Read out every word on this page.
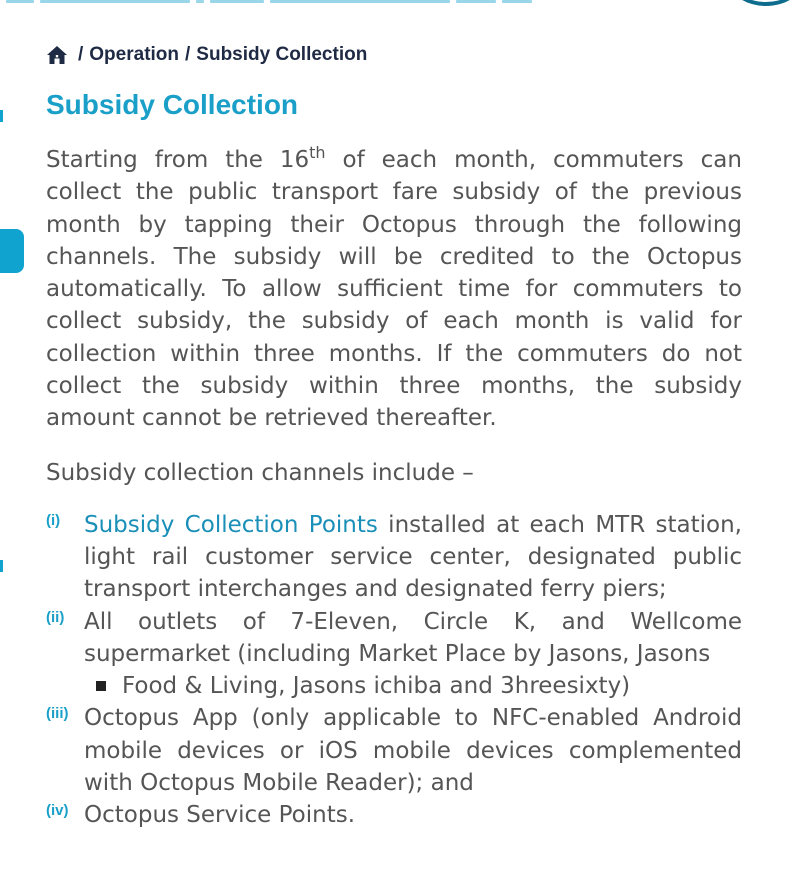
/ Operation / Subsidy Collection
Subsidy Collection

Starting from the 16th of each month, commuters can collect the public transport fare subsidy of the previous month by tapping their Octopus through the following channels. The subsidy will be credited to the Octopus automatically. To allow sufficient time for commuters to collect subsidy, the subsidy of each month is valid for collection within three months. If the commuters do not collect the subsidy within three months, the subsidy amount cannot be retrieved thereafter.

Subsidy collection channels include –

(i)	Subsidy Collection Points installed at each MTR station, light rail customer service center, designated public transport interchanges and designated ferry piers;
(ii) All outlets of 7-Eleven, Circle K, and Wellcome supermarket (including Market Place by Jasons, Jasons
Food & Living, Jasons ichiba and 3hreesixty)
(iii) Octopus App (only applicable to NFC-enabled Android mobile devices or iOS mobile devices complemented with Octopus Mobile Reader); and
(iv) Octopus Service Points.
